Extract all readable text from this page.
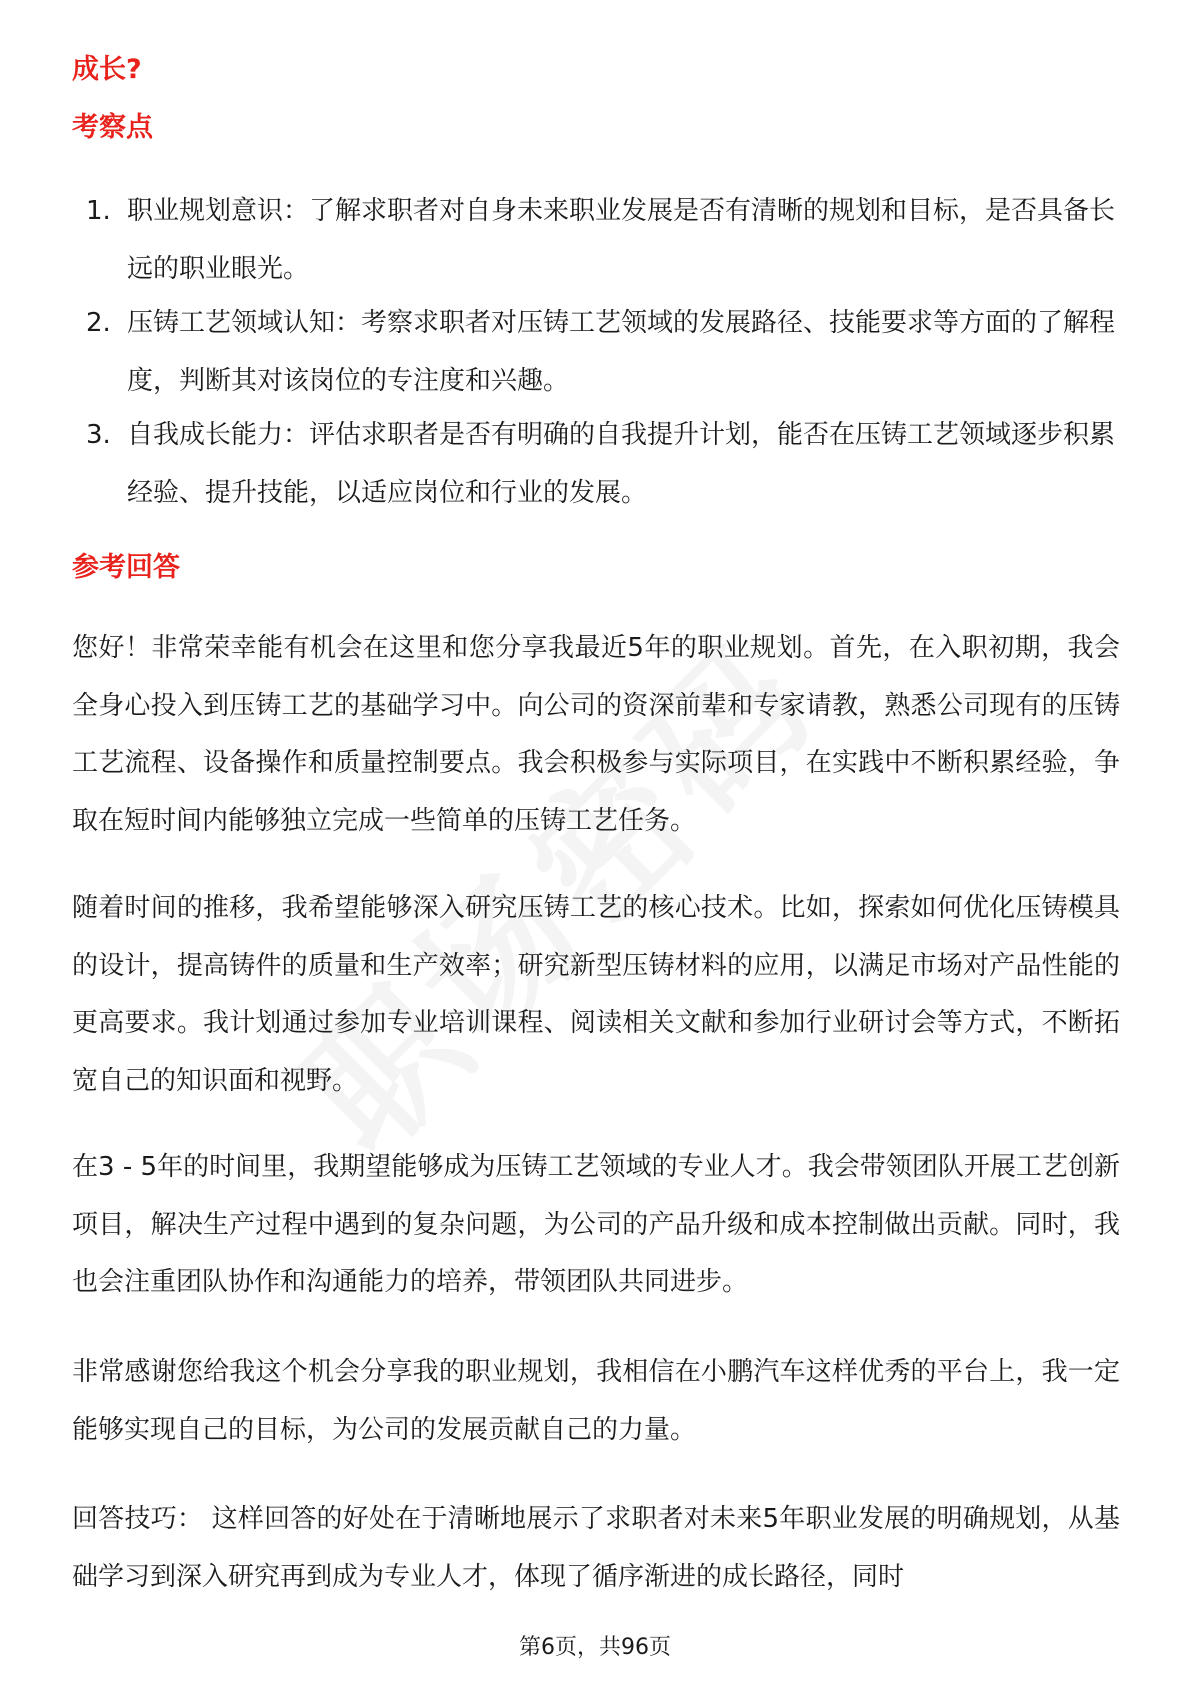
成长?
考察点
1. 职业规划意识：了解求职者对自身未来职业发展是否有清晰的规划和目标，是否具备长远的职业眼光。
2. 压铸工艺领域认知：考察求职者对压铸工艺领域的发展路径、技能要求等方面的了解程度，判断其对该岗位的专注度和兴趣。
3. 自我成长能力：评估求职者是否有明确的自我提升计划，能否在压铸工艺领域逐步积累经验、提升技能，以适应岗位和行业的发展。
参考回答

您好！非常荣幸能有机会在这里和您分享我最近5年的职业规划。首先，在入职初期，我会全身心投入到压铸工艺的基础学习中。向公司的资深前辈和专家请教，熟悉公司现有的压铸工艺流程、设备操作和质量控制要点。我会积极参与实际项目，在实践中不断积累经验，争取在短时间内能够独立完成一些简单的压铸工艺任务。

随着时间的推移，我希望能够深入研究压铸工艺的核心技术。比如，探索如何优化压铸模具的设计，提高铸件的质量和生产效率；研究新型压铸材料的应用，以满足市场对产品性能的更高要求。我计划通过参加专业培训课程、阅读相关文献和参加行业研讨会等方式，不断拓宽自己的知识面和视野。

在3 - 5年的时间里，我期望能够成为压铸工艺领域的专业人才。我会带领团队开展工艺创新项目，解决生产过程中遇到的复杂问题，为公司的产品升级和成本控制做出贡献。同时，我也会注重团队协作和沟通能力的培养，带领团队共同进步。

非常感谢您给我这个机会分享我的职业规划，我相信在小鹏汽车这样优秀的平台上，我一定能够实现自己的目标，为公司的发展贡献自己的力量。

回答技巧： 这样回答的好处在于清晰地展示了求职者对未来5年职业发展的明确规划，从基础学习到深入研究再到成为专业人才，体现了循序渐进的成长路径，同时

第6页，共96页
